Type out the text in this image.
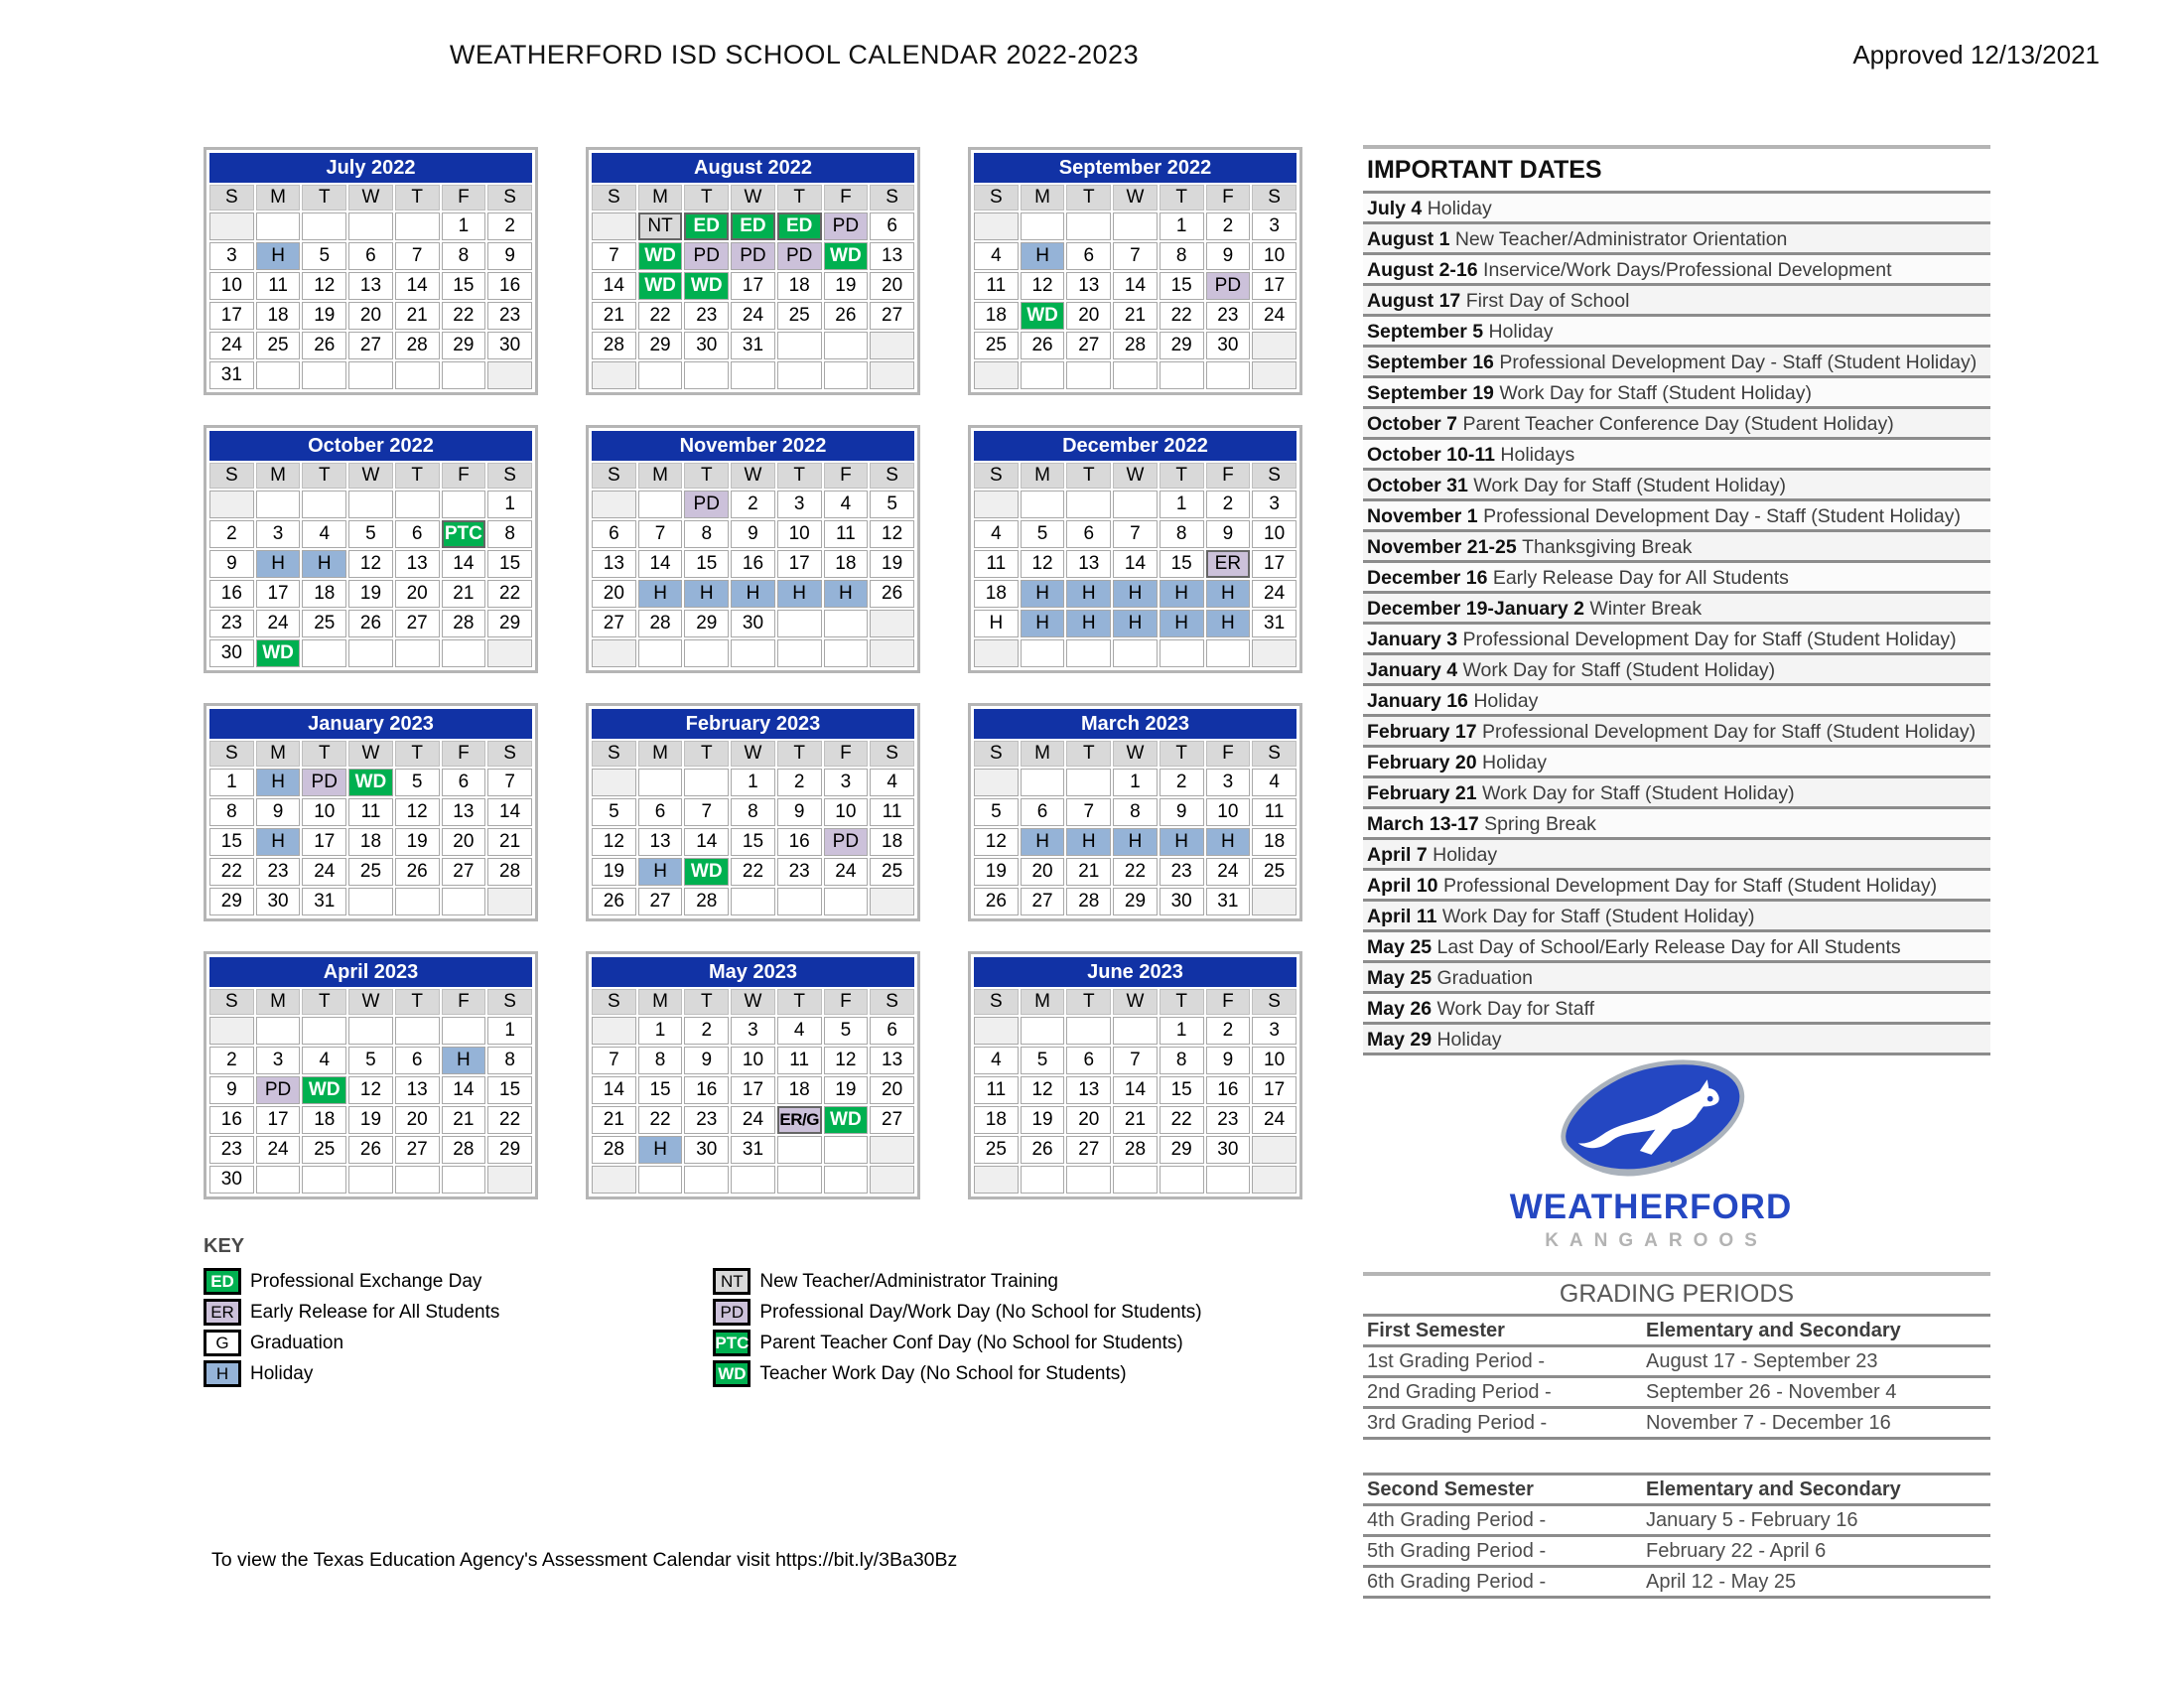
WEATHERFORD ISD SCHOOL CALENDAR 2022-2023	Approved 12/13/2021
July 2022						
S	M	T	W	T	F	S
					1	2
3	H	5	6	7	8	9
10	11	12	13	14	15	16
17	18	19	20	21	22	23
24	25	26	27	28	29	30
31						
August 2022						
S	M	T	W	T	F	S
	NT	ED	ED	ED	PD	6
7	WD	PD	PD	PD	WD	13
14	WD	WD	17	18	19	20
21	22	23	24	25	26	27
28	29	30	31			

September 2022						
S	M	T	W	T	F	S
				1	2	3
4	H	6	7	8	9	10
11	12	13	14	15	PD	17
18	WD	20	21	22	23	24
25	26	27	28	29	30	

October 2022						
S	M	T	W	T	F	S
						1
2	3	4	5	6	PTC	8
9	H	H	12	13	14	15
16	17	18	19	20	21	22
23	24	25	26	27	28	29
30	WD					
November 2022						
S	M	T	W	T	F	S
		PD	2	3	4	5
6	7	8	9	10	11	12
13	14	15	16	17	18	19
20	H	H	H	H	H	26
27	28	29	30			

December 2022						
S	M	T	W	T	F	S
				1	2	3
4	5	6	7	8	9	10
11	12	13	14	15	ER	17
18	H	H	H	H	H	24
H	H	H	H	H	H	31

January 2023						
S	M	T	W	T	F	S
1	H	PD	WD	5	6	7
8	9	10	11	12	13	14
15	H	17	18	19	20	21
22	23	24	25	26	27	28
29	30	31				
February 2023						
S	M	T	W	T	F	S
			1	2	3	4
5	6	7	8	9	10	11
12	13	14	15	16	PD	18
19	H	WD	22	23	24	25
26	27	28				
March 2023						
S	M	T	W	T	F	S
			1	2	3	4
5	6	7	8	9	10	11
12	H	H	H	H	H	18
19	20	21	22	23	24	25
26	27	28	29	30	31	
April 2023						
S	M	T	W	T	F	S
						1
2	3	4	5	6	H	8
9	PD	WD	12	13	14	15
16	17	18	19	20	21	22
23	24	25	26	27	28	29
30						
May 2023						
S	M	T	W	T	F	S
	1	2	3	4	5	6
7	8	9	10	11	12	13
14	15	16	17	18	19	20
21	22	23	24	ER/G	WD	27
28	H	30	31			

June 2023						
S	M	T	W	T	F	S
				1	2	3
4	5	6	7	8	9	10
11	12	13	14	15	16	17
18	19	20	21	22	23	24
25	26	27	28	29	30	

IMPORTANT DATES
July 4 Holiday
August 1 New Teacher/Administrator Orientation
August 2-16 Inservice/Work Days/Professional Development
August 17 First Day of School
September 5 Holiday
September 16 Professional Development Day - Staff (Student Holiday)
September 19 Work Day for Staff (Student Holiday)
October 7 Parent Teacher Conference Day (Student Holiday)
October 10-11 Holidays
October 31 Work Day for Staff (Student Holiday)
November 1 Professional Development Day - Staff (Student Holiday)
November 21-25 Thanksgiving Break
December 16 Early Release Day for All Students
December 19-January 2 Winter Break
January 3 Professional Development Day for Staff (Student Holiday)
January 4 Work Day for Staff (Student Holiday)
January 16 Holiday
February 17 Professional Development Day for Staff (Student Holiday)
February 20 Holiday
February 21 Work Day for Staff (Student Holiday)
March 13-17 Spring Break
April 7 Holiday
April 10 Professional Development Day for Staff (Student Holiday)
April 11 Work Day for Staff (Student Holiday)
May 25 Last Day of School/Early Release Day for All Students
May 25 Graduation
May 26 Work Day for Staff
May 29 Holiday
KEY
ED Professional Exchange Day
ER Early Release for All Students
G	Graduation
H	Holiday
NT New Teacher/Administrator Training
PD Professional Day/Work Day (No School for Students)
PTC Parent Teacher Conf Day (No School for Students)
WD Teacher Work Day (No School for Students)
WEATHERFORD
KANGAROOS
GRADING PERIODS
First Semester	Elementary and Secondary
1st Grading Period -	August 17 - September 23
2nd Grading Period -	September 26 - November 4
3rd Grading Period -	November 7 - December 16
Second Semester	Elementary and Secondary
4th Grading Period -	January 5 - February 16
5th Grading Period -	February 22 - April 6
6th Grading Period -	April 12 - May 25
To view the Texas Education Agency's Assessment Calendar visit https://bit.ly/3Ba30Bz
